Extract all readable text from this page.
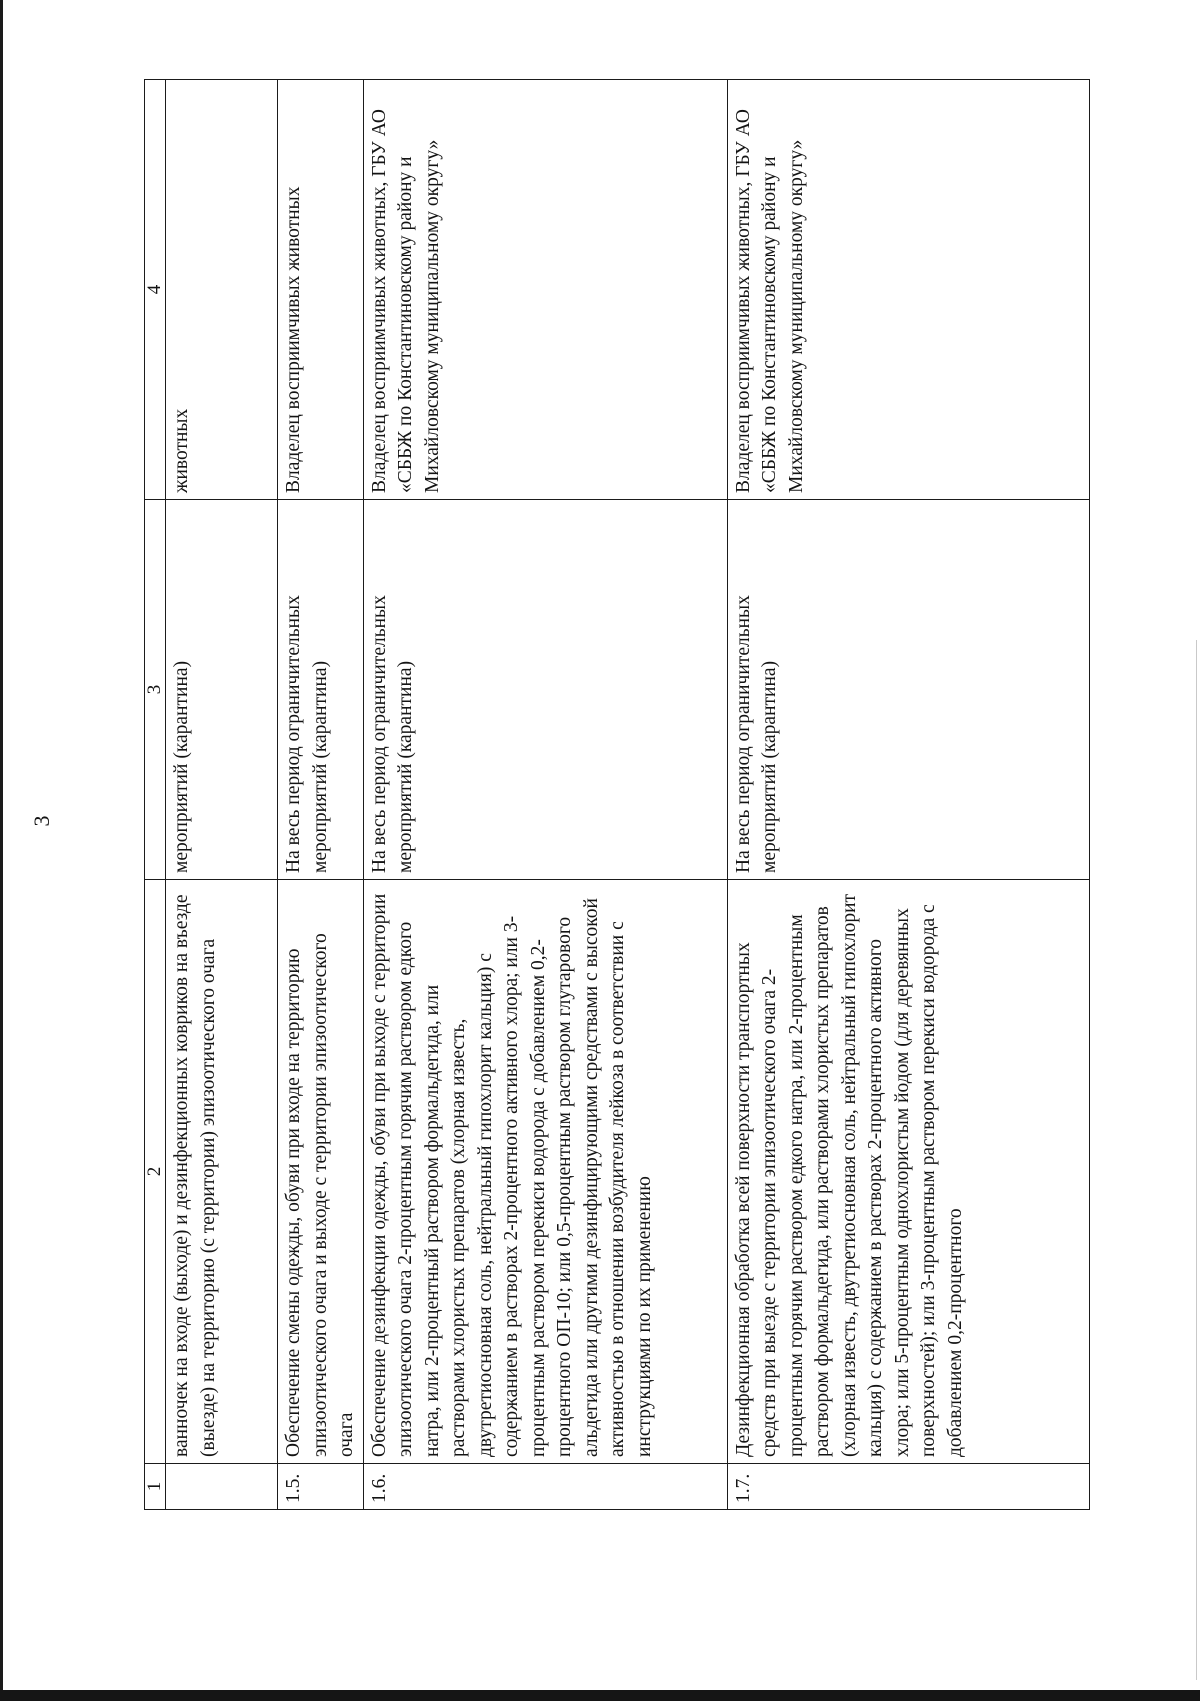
3
1	2	3	4
	ванночек на входе (выходе) и дезинфекционных ковриков на въезде (выезде) на территорию (с территории) эпизоотического очага	мероприятий (карантина)	животных
1.5.	Обеспечение смены одежды, обуви при входе на территорию эпизоотического очага и выходе с территории эпизоотического очага	На весь период ограничительных мероприятий (карантина)	Владелец восприимчивых животных
1.6.	Обеспечение дезинфекции одежды, обуви при выходе с территории эпизоотического очага 2-процентным горячим раствором едкого натра, или 2-процентный раствором формальдегида, или растворами хлористых препаратов (хлорная известь, двутретиосновная соль, нейтральный гипохлорит кальция) с содержанием в растворах 2-процентного активного хлора; или 3-процентным раствором перекиси водорода с добавлением 0,2-процентного ОП-10; или 0,5-процентным раствором глутарового альдегида или другими дезинфицирующими средствами с высокой активностью в отношении возбудителя лейкоза в соответствии с инструкциями по их применению	На весь период ограничительных мероприятий (карантина)	Владелец восприимчивых животных, ГБУ АО «СББЖ по Константиновскому району и Михайловскому муниципальному округу»
1.7.	Дезинфекционная обработка всей поверхности транспортных средств при выезде с территории эпизоотического очага 2-процентным горячим раствором едкого натра, или 2-процентным раствором формальдегида, или растворами хлористых препаратов (хлорная известь, двутретиосновная соль, нейтральный гипохлорит кальция) с содержанием в растворах 2-процентного активного хлора; или 5-процентным однохлористым йодом (для деревянных поверхностей); или 3-процентным раствором перекиси водорода с добавлением 0,2-процентного	На весь период ограничительных мероприятий (карантина)	Владелец восприимчивых животных, ГБУ АО «СББЖ по Константиновскому району и Михайловскому муниципальному округу»
